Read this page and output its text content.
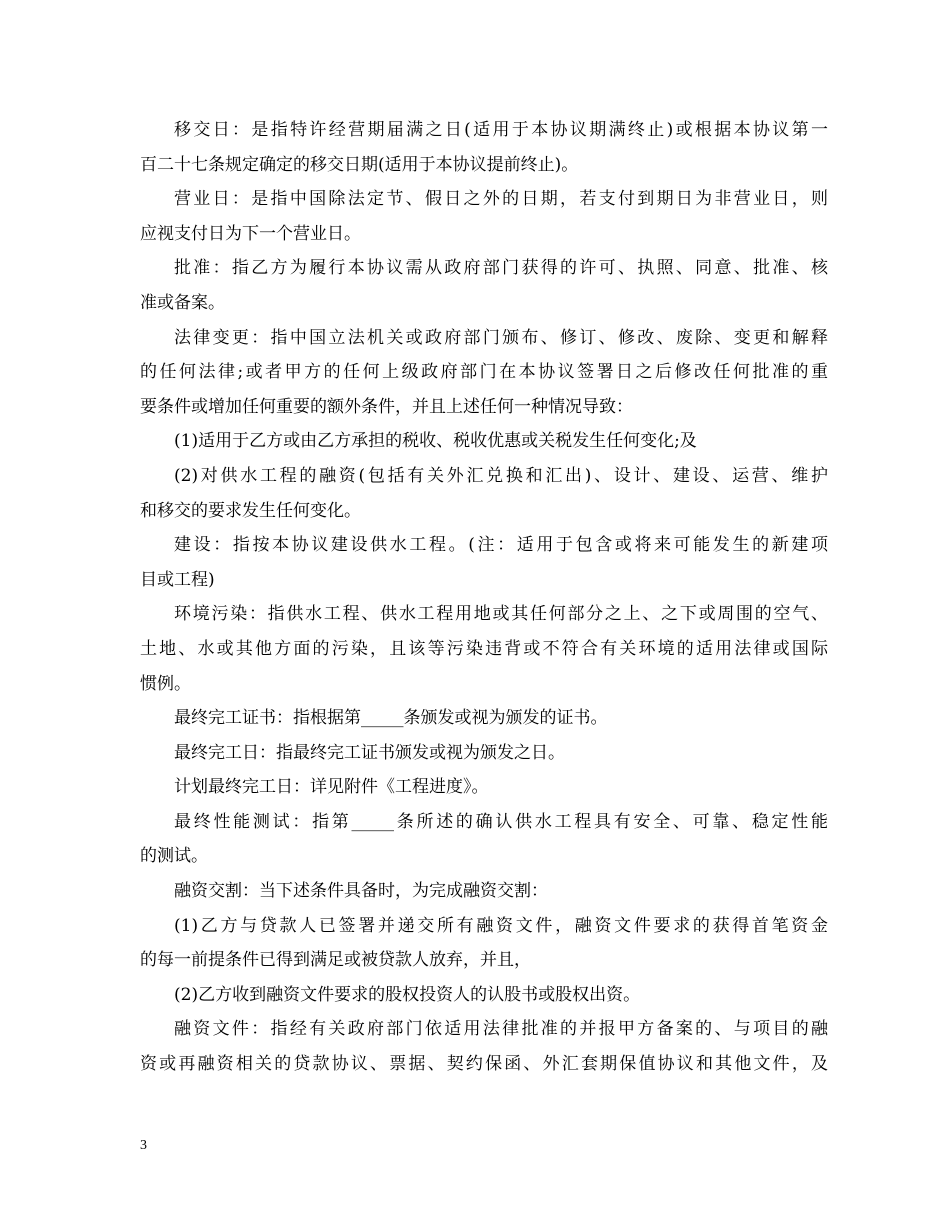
移交日：是指特许经营期届满之日(适用于本协议期满终止)或根据本协议第一
百二十七条规定确定的移交日期(适用于本协议提前终止)。
营业日：是指中国除法定节、假日之外的日期，若支付到期日为非营业日，则
应视支付日为下一个营业日。
批准：指乙方为履行本协议需从政府部门获得的许可、执照、同意、批准、核
准或备案。
法律变更：指中国立法机关或政府部门颁布、修订、修改、废除、变更和解释
的任何法律;或者甲方的任何上级政府部门在本协议签署日之后修改任何批准的重
要条件或增加任何重要的额外条件，并且上述任何一种情况导致：
(1)适用于乙方或由乙方承担的税收、税收优惠或关税发生任何变化;及
(2)对供水工程的融资(包括有关外汇兑换和汇出)、设计、建设、运营、维护
和移交的要求发生任何变化。
建设：指按本协议建设供水工程。(注：适用于包含或将来可能发生的新建项
目或工程)
环境污染：指供水工程、供水工程用地或其任何部分之上、之下或周围的空气、
土地、水或其他方面的污染，且该等污染违背或不符合有关环境的适用法律或国际
惯例。
最终完工证书：指根据第_____条颁发或视为颁发的证书。
最终完工日：指最终完工证书颁发或视为颁发之日。
计划最终完工日：详见附件《工程进度》。
最终性能测试：指第_____条所述的确认供水工程具有安全、可靠、稳定性能
的测试。
融资交割：当下述条件具备时，为完成融资交割：
(1)乙方与贷款人已签署并递交所有融资文件，融资文件要求的获得首笔资金
的每一前提条件已得到满足或被贷款人放弃，并且，
(2)乙方收到融资文件要求的股权投资人的认股书或股权出资。
融资文件：指经有关政府部门依适用法律批准的并报甲方备案的、与项目的融
资或再融资相关的贷款协议、票据、契约保函、外汇套期保值协议和其他文件，及
3
